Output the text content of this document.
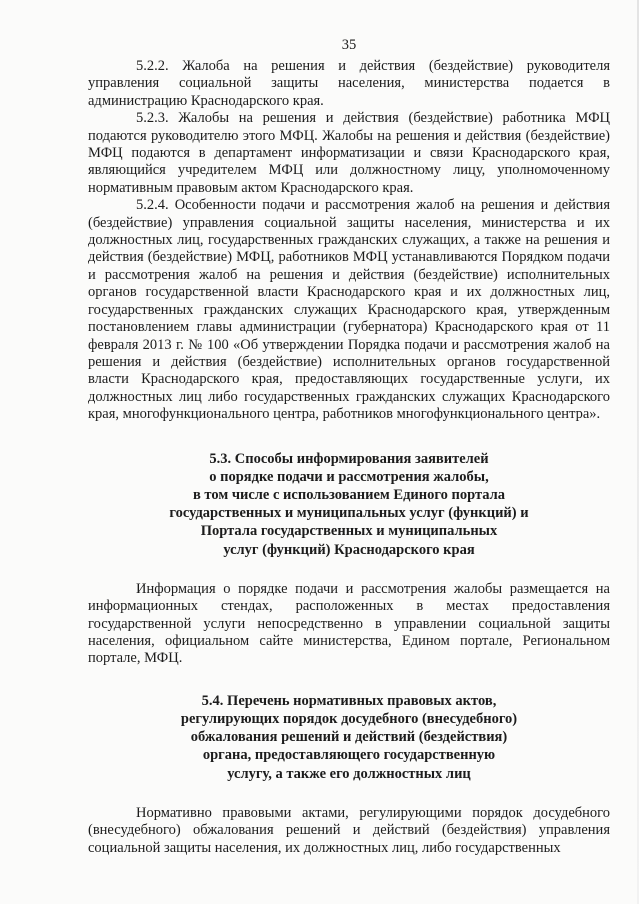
35

5.2.2. Жалоба на решения и действия (бездействие) руководителя управления социальной защиты населения, министерства подается в администрацию Краснодарского края.

5.2.3. Жалобы на решения и действия (бездействие) работника МФЦ подаются руководителю этого МФЦ. Жалобы на решения и действия (бездействие) МФЦ подаются в департамент информатизации и связи Краснодарского края, являющийся учредителем МФЦ или должностному лицу, уполномоченному нормативным правовым актом Краснодарского края.

5.2.4. Особенности подачи и рассмотрения жалоб на решения и действия (бездействие) управления социальной защиты населения, министерства и их должностных лиц, государственных гражданских служащих, а также на решения и действия (бездействие) МФЦ, работников МФЦ устанавливаются Порядком подачи и рассмотрения жалоб на решения и действия (бездействие) исполнительных органов государственной власти Краснодарского края и их должностных лиц, государственных гражданских служащих Краснодарского края, утвержденным постановлением главы администрации (губернатора) Краснодарского края от 11 февраля 2013 г. № 100 «Об утверждении Порядка подачи и рассмотрения жалоб на решения и действия (бездействие) исполнительных органов государственной власти Краснодарского края, предоставляющих государственные услуги, их должностных лиц либо государственных гражданских служащих Краснодарского края, многофункционального центра, работников многофункционального центра».

5.3. Способы информирования заявителей
о порядке подачи и рассмотрения жалобы,
в том числе с использованием Единого портала
государственных и муниципальных услуг (функций) и
Портала государственных и муниципальных
услуг (функций) Краснодарского края

Информация о порядке подачи и рассмотрения жалобы размещается на информационных стендах, расположенных в местах предоставления государственной услуги непосредственно в управлении социальной защиты населения, официальном сайте министерства, Едином портале, Региональном портале, МФЦ.

5.4. Перечень нормативных правовых актов,
регулирующих порядок досудебного (внесудебного)
обжалования решений и действий (бездействия)
органа, предоставляющего государственную
услугу, а также его должностных лиц

Нормативно правовыми актами, регулирующими порядок досудебного (внесудебного) обжалования решений и действий (бездействия) управления социальной защиты населения, их должностных лиц, либо государственных
